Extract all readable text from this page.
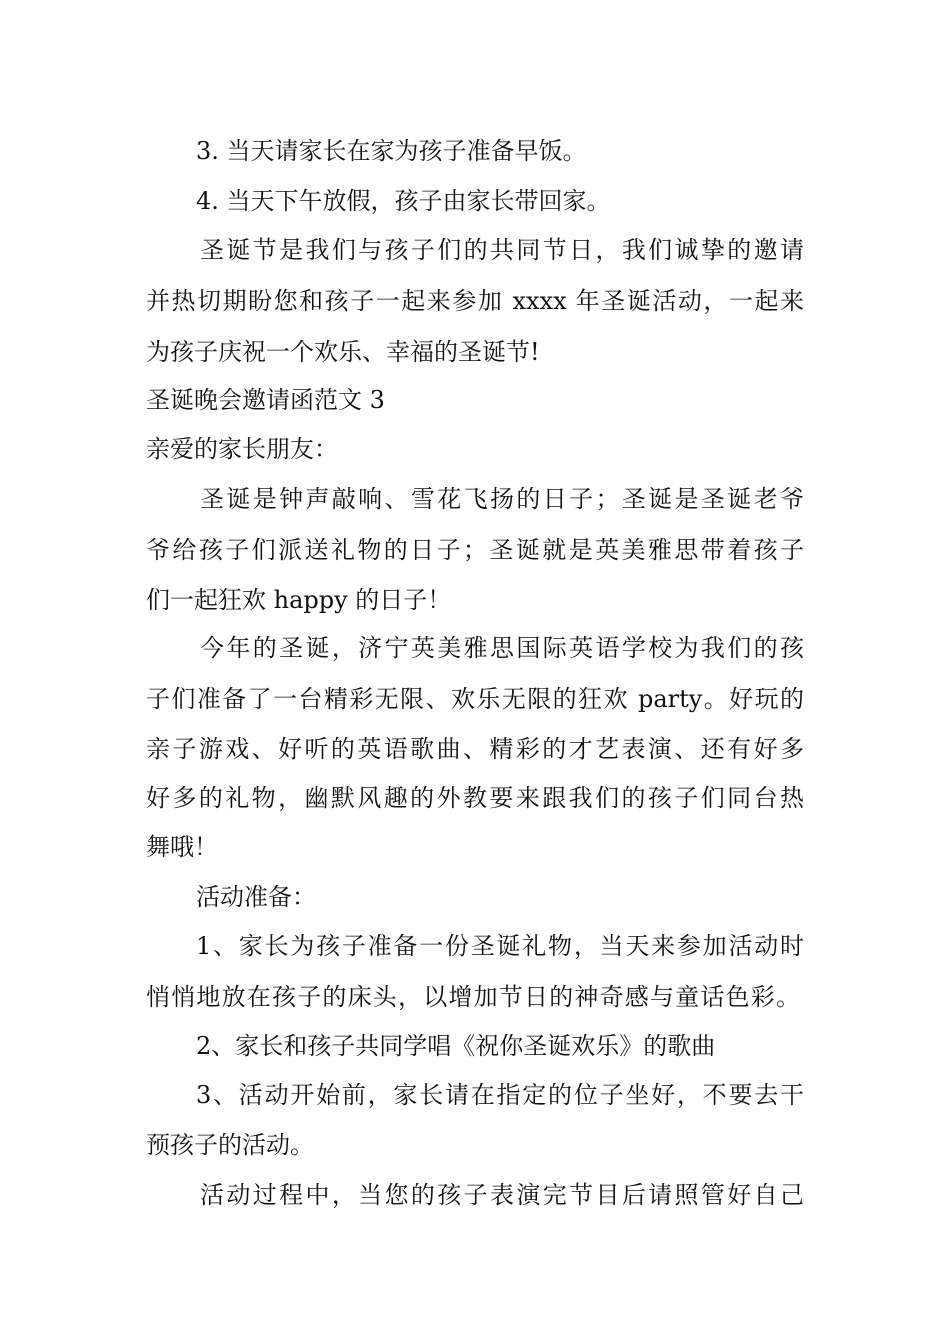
3. 当天请家长在家为孩子准备早饭。
4. 当天下午放假，孩子由家长带回家。
圣诞节是我们与孩子们的共同节日，我们诚挚的邀请
并热切期盼您和孩子一起来参加 xxxx 年圣诞活动，一起来
为孩子庆祝一个欢乐、幸福的圣诞节!
圣诞晚会邀请函范文 3
亲爱的家长朋友：
圣诞是钟声敲响、雪花飞扬的日子；圣诞是圣诞老爷
爷给孩子们派送礼物的日子；圣诞就是英美雅思带着孩子
们一起狂欢 happy 的日子！
今年的圣诞，济宁英美雅思国际英语学校为我们的孩
子们准备了一台精彩无限、欢乐无限的狂欢 party。好玩的
亲子游戏、好听的英语歌曲、精彩的才艺表演、还有好多
好多的礼物，幽默风趣的外教要来跟我们的孩子们同台热
舞哦！
活动准备：
1、家长为孩子准备一份圣诞礼物，当天来参加活动时
悄悄地放在孩子的床头，以增加节日的神奇感与童话色彩。
2、家长和孩子共同学唱《祝你圣诞欢乐》的歌曲
3、活动开始前，家长请在指定的位子坐好，不要去干
预孩子的活动。
活动过程中，当您的孩子表演完节目后请照管好自己
